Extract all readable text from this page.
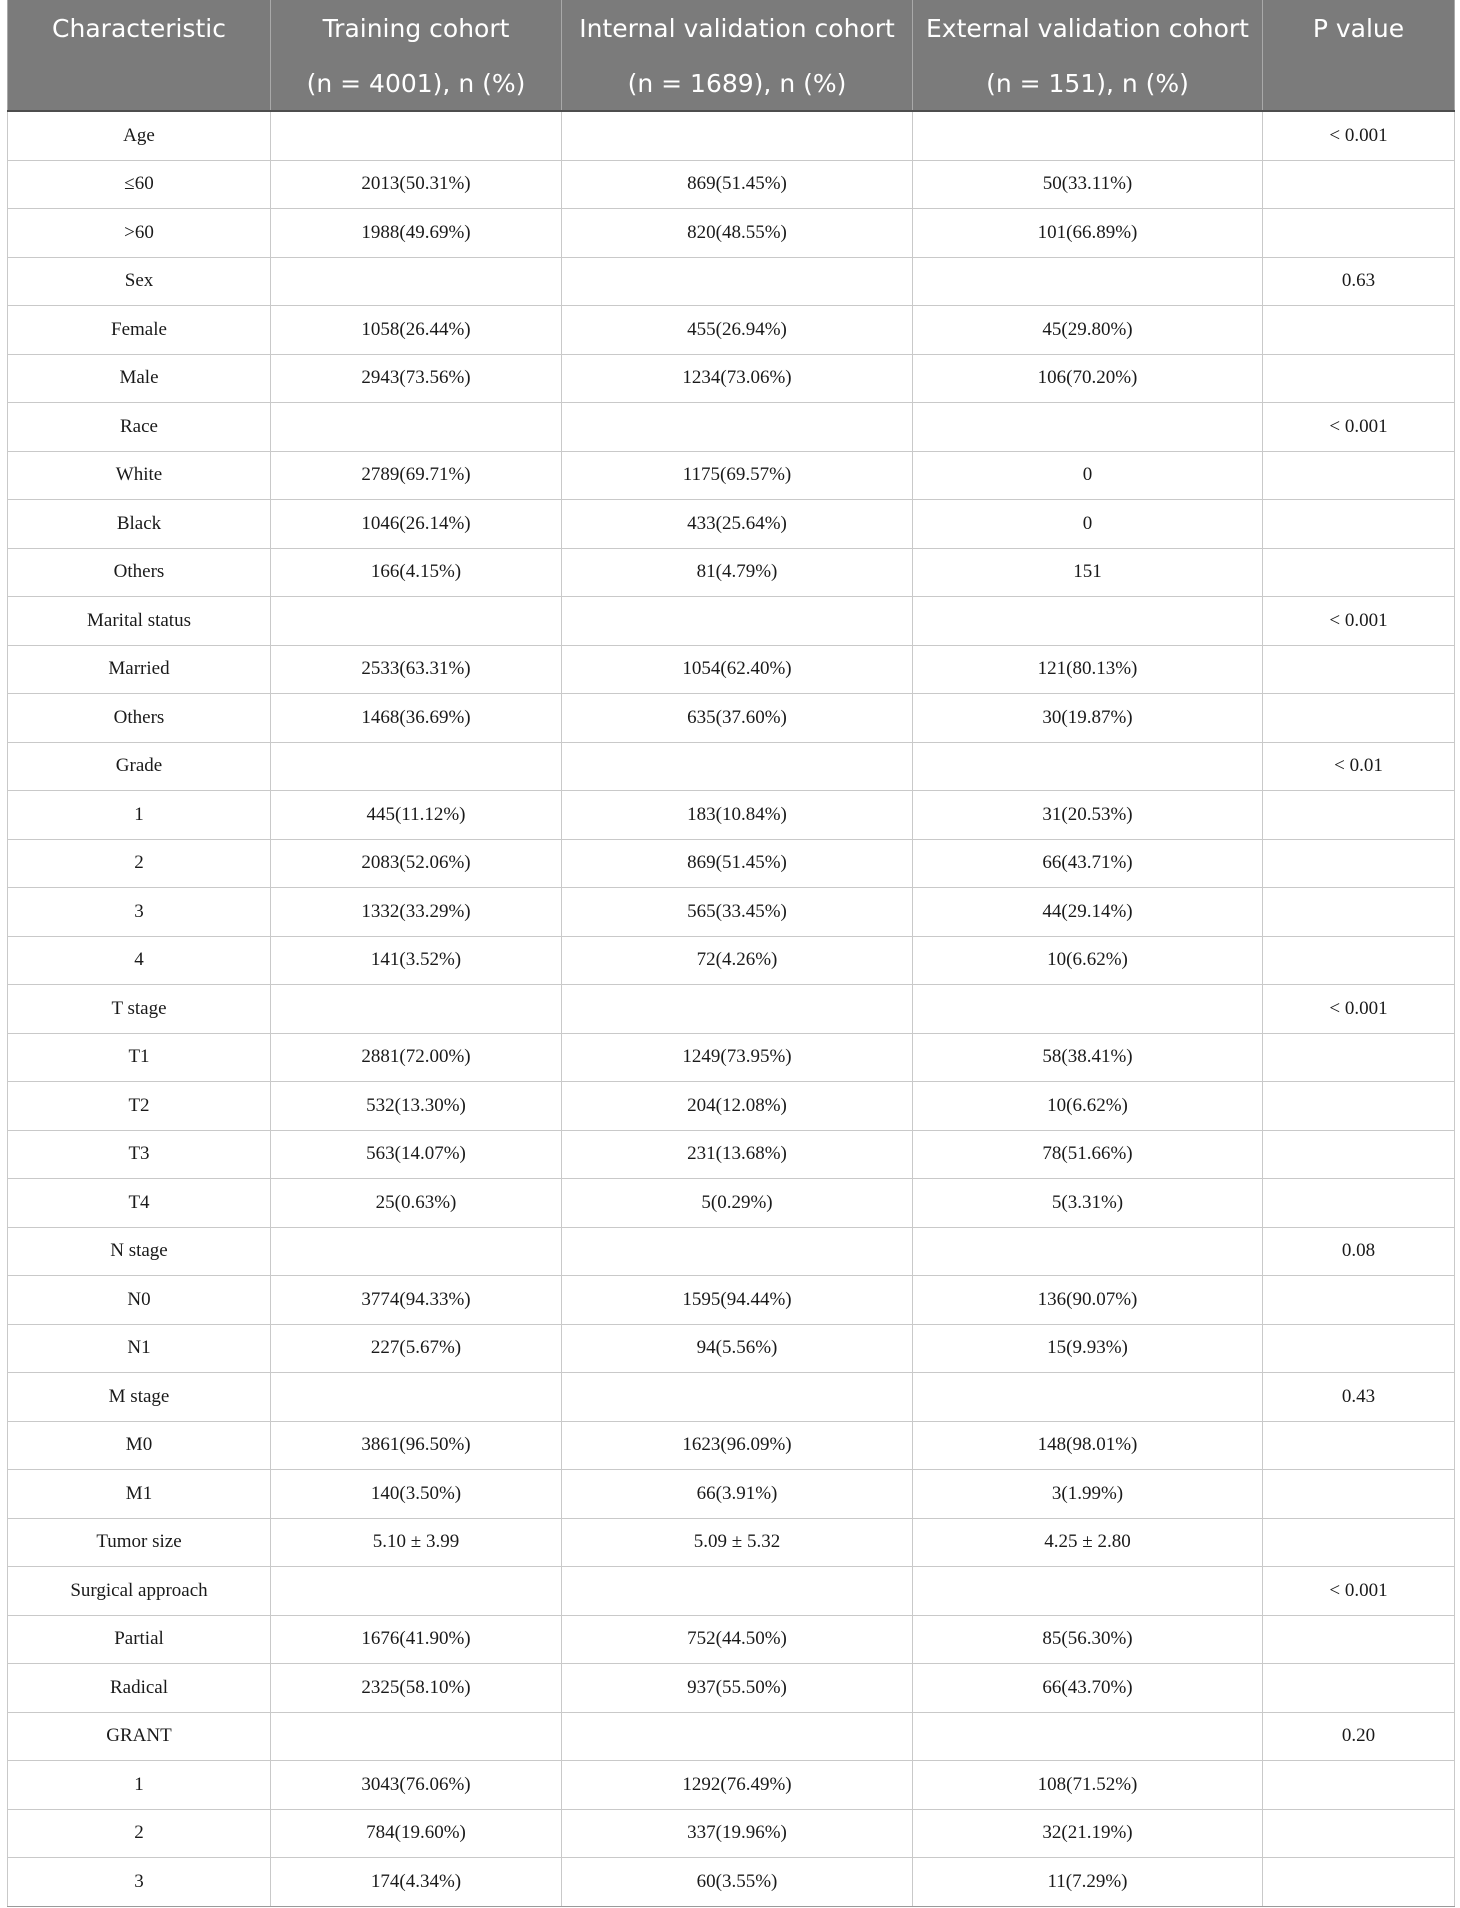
Characteristic	Training cohort	Internal validation cohort	External validation cohort	P value
	(n = 4001), n (%)	(n = 1689), n (%)	(n = 151), n (%)	
Age				< 0.001
≤60	2013(50.31%)	869(51.45%)	50(33.11%)	
>60	1988(49.69%)	820(48.55%)	101(66.89%)	
Sex				0.63
Female	1058(26.44%)	455(26.94%)	45(29.80%)	
Male	2943(73.56%)	1234(73.06%)	106(70.20%)	
Race				< 0.001
White	2789(69.71%)	1175(69.57%)	0	
Black	1046(26.14%)	433(25.64%)	0	
Others	166(4.15%)	81(4.79%)	151	
Marital status				< 0.001
Married	2533(63.31%)	1054(62.40%)	121(80.13%)	
Others	1468(36.69%)	635(37.60%)	30(19.87%)	
Grade				< 0.01
1	445(11.12%)	183(10.84%)	31(20.53%)	
2	2083(52.06%)	869(51.45%)	66(43.71%)	
3	1332(33.29%)	565(33.45%)	44(29.14%)	
4	141(3.52%)	72(4.26%)	10(6.62%)	
T stage				< 0.001
T1	2881(72.00%)	1249(73.95%)	58(38.41%)	
T2	532(13.30%)	204(12.08%)	10(6.62%)	
T3	563(14.07%)	231(13.68%)	78(51.66%)	
T4	25(0.63%)	5(0.29%)	5(3.31%)	
N stage				0.08
N0	3774(94.33%)	1595(94.44%)	136(90.07%)	
N1	227(5.67%)	94(5.56%)	15(9.93%)	
M stage				0.43
M0	3861(96.50%)	1623(96.09%)	148(98.01%)	
M1	140(3.50%)	66(3.91%)	3(1.99%)	
Tumor size	5.10 ± 3.99	5.09 ± 5.32	4.25 ± 2.80	
Surgical approach				< 0.001
Partial	1676(41.90%)	752(44.50%)	85(56.30%)	
Radical	2325(58.10%)	937(55.50%)	66(43.70%)	
GRANT				0.20
1	3043(76.06%)	1292(76.49%)	108(71.52%)	
2	784(19.60%)	337(19.96%)	32(21.19%)	
3	174(4.34%)	60(3.55%)	11(7.29%)	
